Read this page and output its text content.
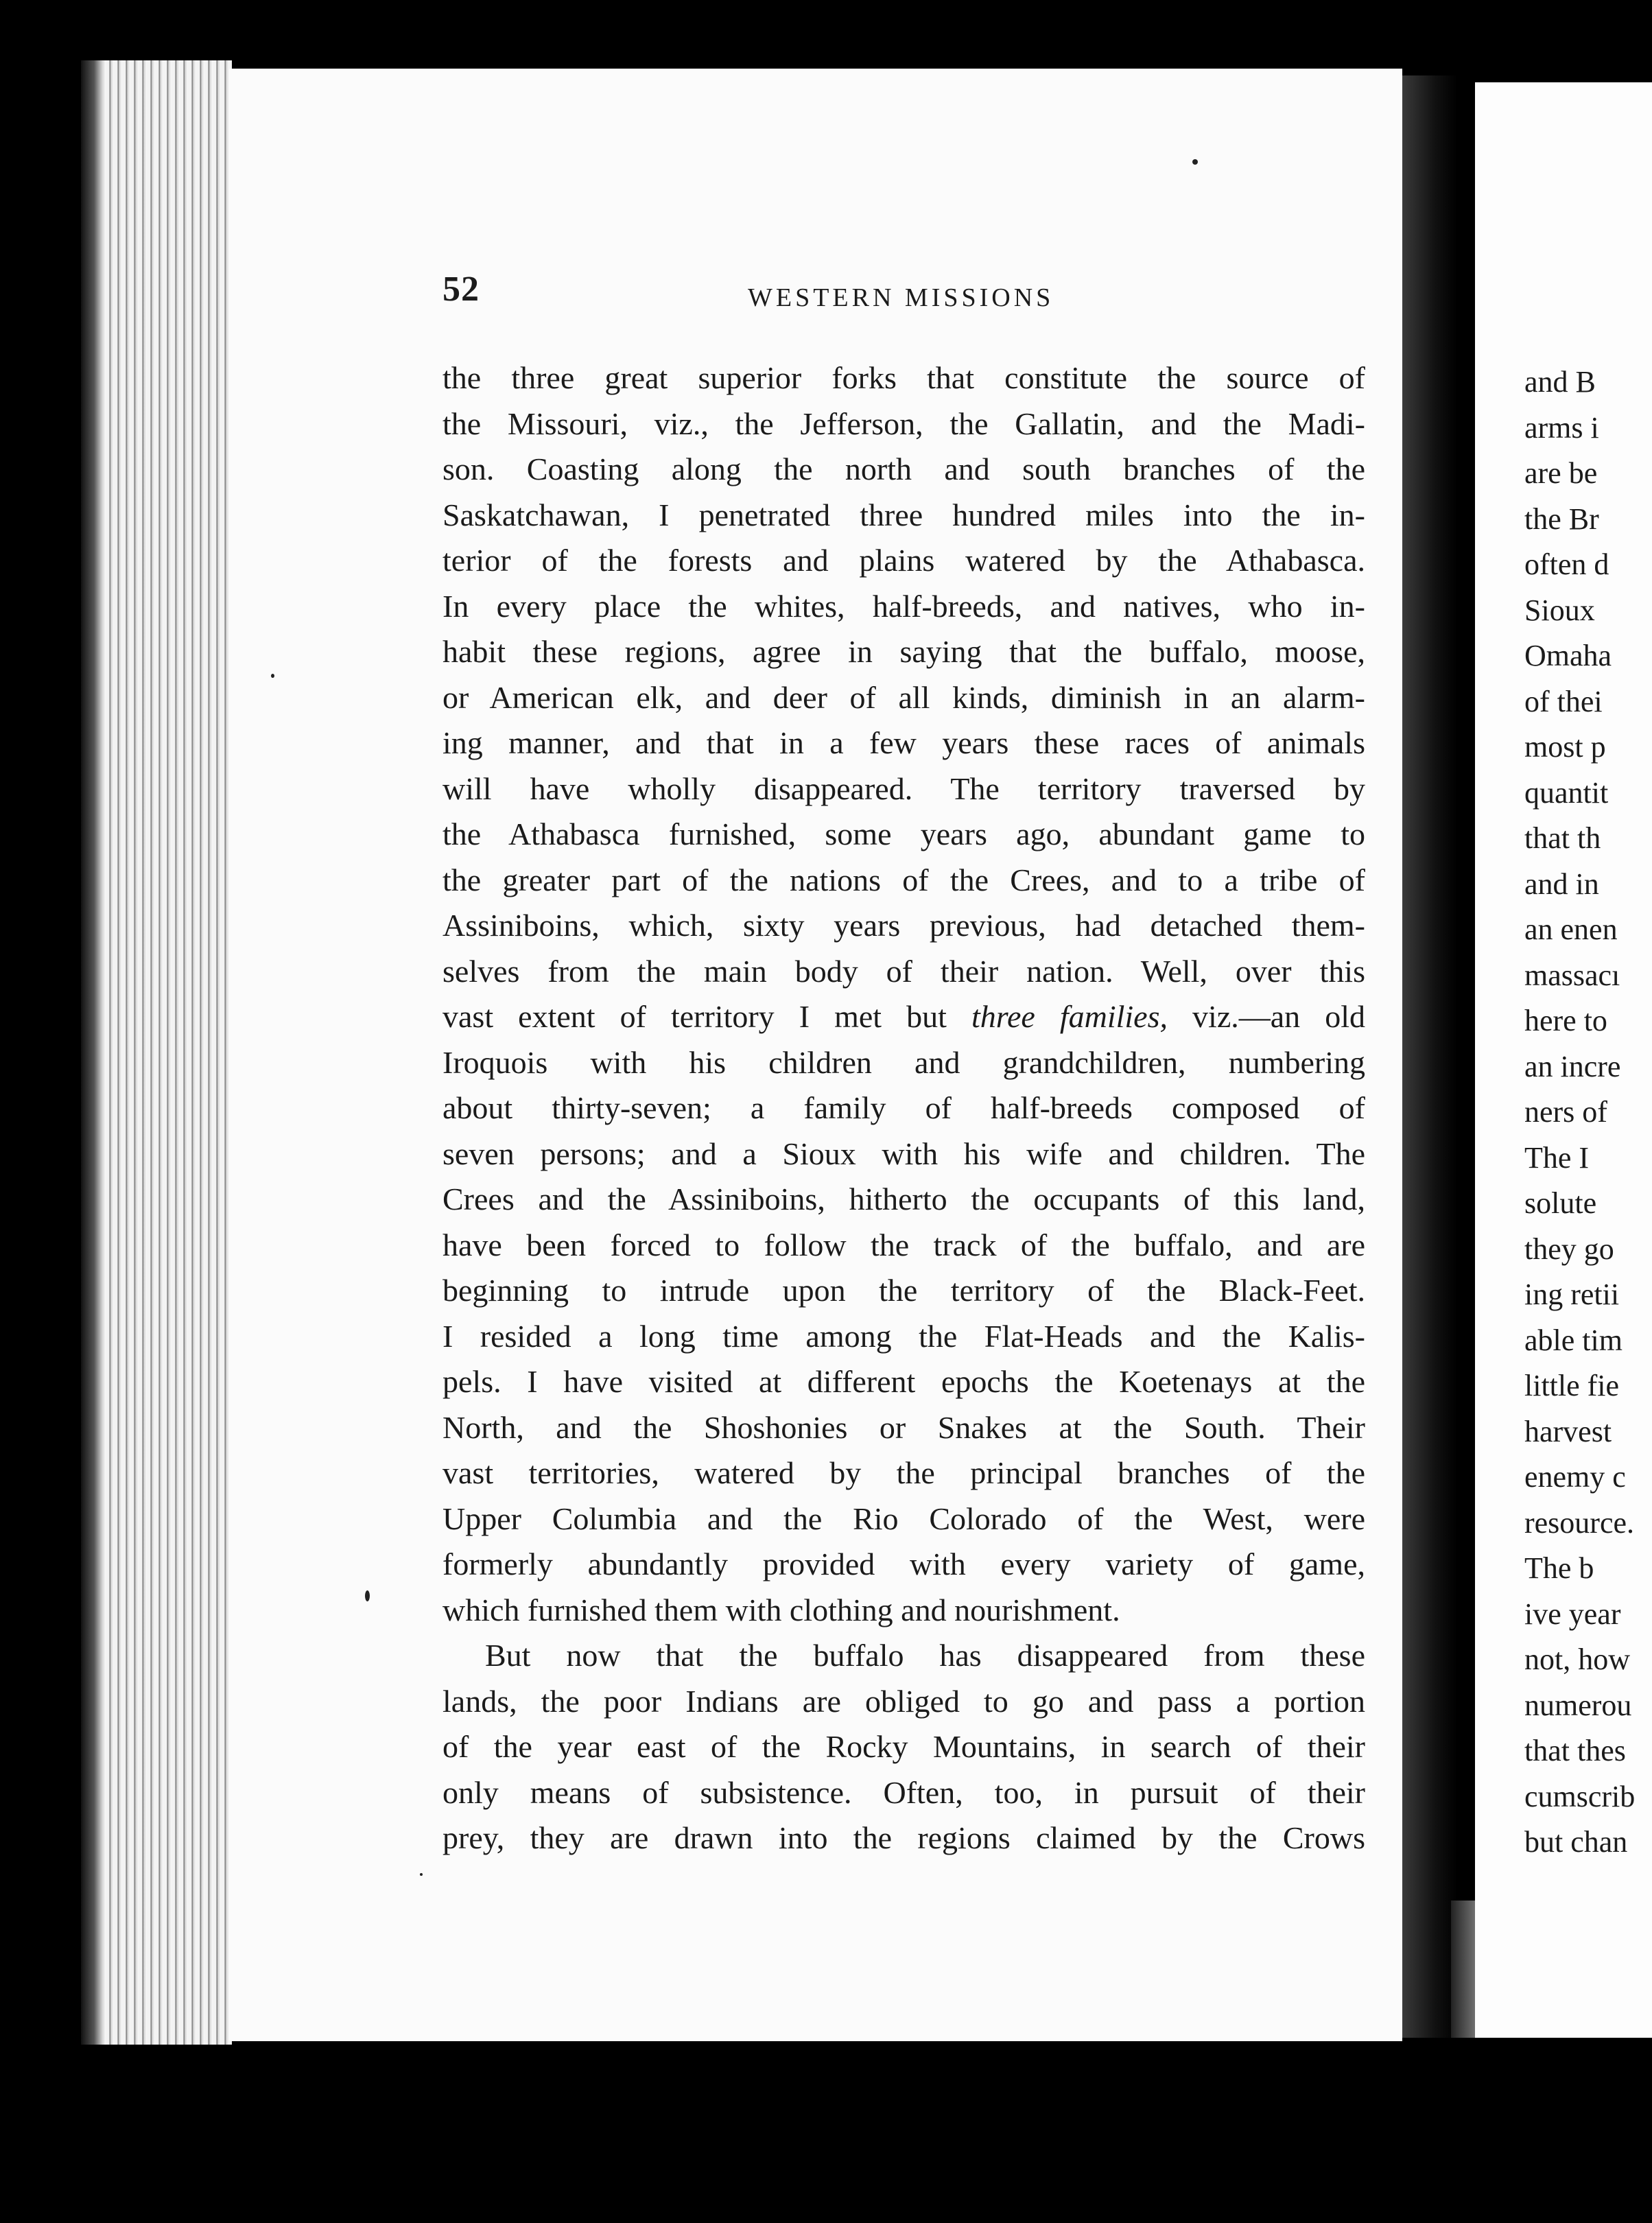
and B
arms i
are be
the Br
often d
Sioux
Omaha
of thei
most p
quantit
that th
and in
an enen
massacı
here to
an incre
ners of
The I
solute
they go
ing retii
able tim
little fie
harvest
enemy c
resource.
The b
ive year
not, how
numerou
that thes
cumscrib
but chan
52	WESTERN MISSIONS
the three great superior forks that constitute the source of
the Missouri, viz., the Jefferson, the Gallatin, and the Madi-
son. Coasting along the north and south branches of the
Saskatchawan, I penetrated three hundred miles into the in-
terior of the forests and plains watered by the Athabasca.
In every place the whites, half-breeds, and natives, who in-
habit these regions, agree in saying that the buffalo, moose,
or American elk, and deer of all kinds, diminish in an alarm-
ing manner, and that in a few years these races of animals
will have wholly disappeared. The territory traversed by
the Athabasca furnished, some years ago, abundant game to
the greater part of the nations of the Crees, and to a tribe of
Assiniboins, which, sixty years previous, had detached them-
selves from the main body of their nation. Well, over this
vast extent of territory I met but three families, viz.—an old
Iroquois with his children and grandchildren, numbering
about thirty-seven; a family of half-breeds composed of
seven persons; and a Sioux with his wife and children. The
Crees and the Assiniboins, hitherto the occupants of this land,
have been forced to follow the track of the buffalo, and are
beginning to intrude upon the territory of the Black-Feet.
I resided a long time among the Flat-Heads and the Kalis-
pels. I have visited at different epochs the Koetenays at the
North, and the Shoshonies or Snakes at the South. Their
vast territories, watered by the principal branches of the
Upper Columbia and the Rio Colorado of the West, were
formerly abundantly provided with every variety of game,
which furnished them with clothing and nourishment.
But now that the buffalo has disappeared from these
lands, the poor Indians are obliged to go and pass a portion
of the year east of the Rocky Mountains, in search of their
only means of subsistence. Often, too, in pursuit of their
prey, they are drawn into the regions claimed by the Crows
